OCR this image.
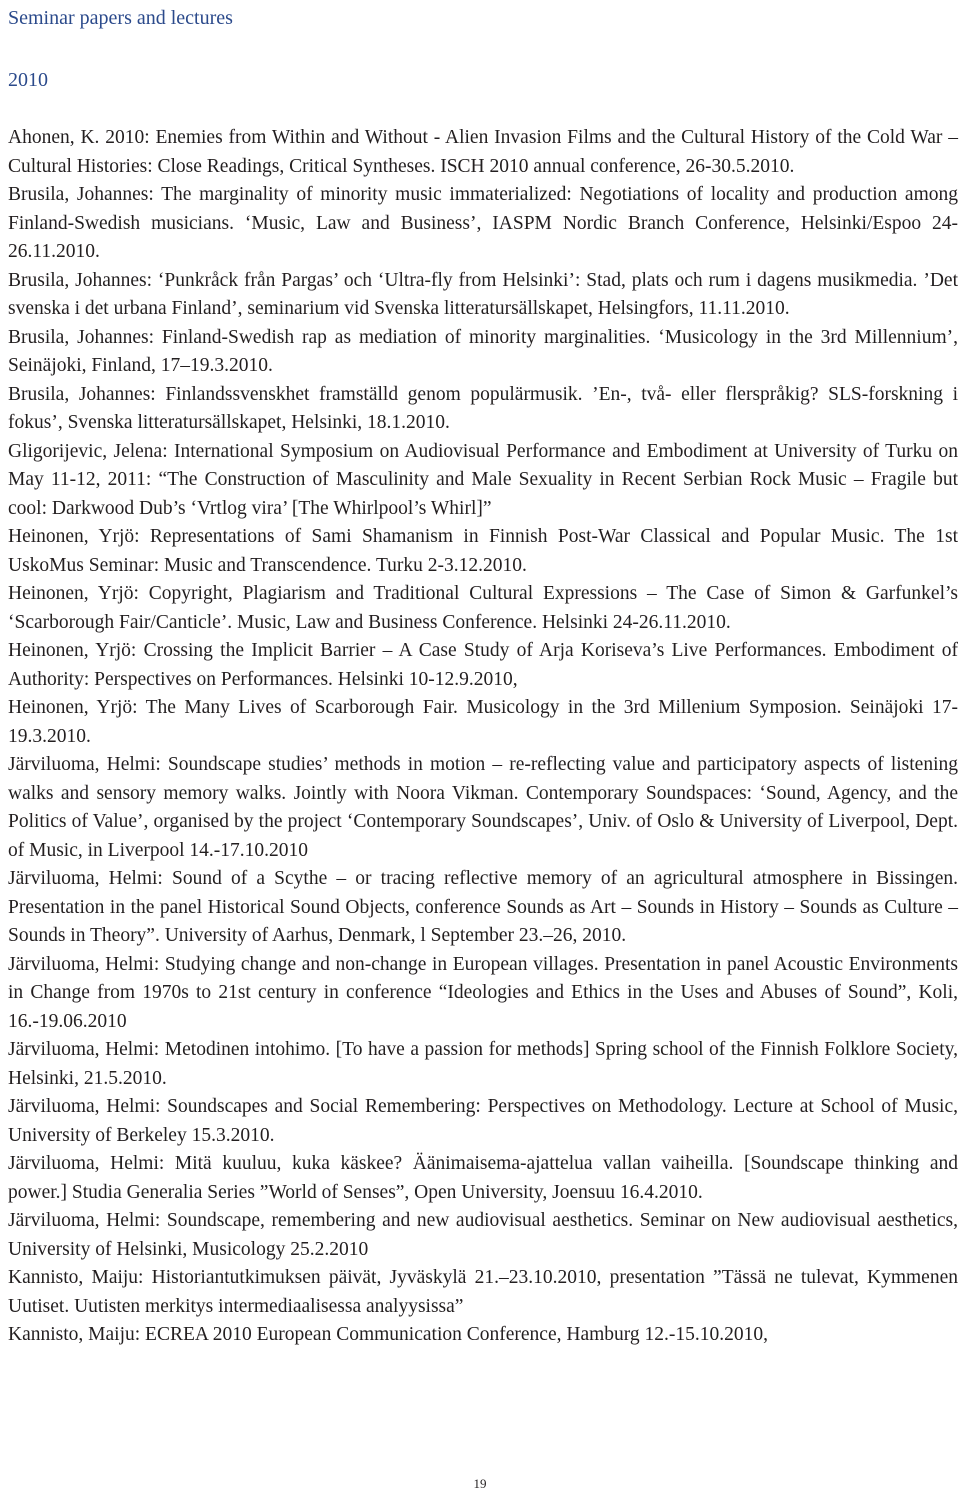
Seminar papers and lectures
2010

Ahonen, K. 2010: Enemies from Within and Without - Alien Invasion Films and the Cultural History of the Cold War – Cultural Histories: Close Readings, Critical Syntheses. ISCH 2010 annual conference, 26-30.5.2010.

Brusila, Johannes: The marginality of minority music immaterialized: Negotiations of locality and production among Finland-Swedish musicians. ‘Music, Law and Business’, IASPM Nordic Branch Conference, Helsinki/Espoo 24-26.11.2010.

Brusila, Johannes: ‘Punkråck från Pargas’ och ‘Ultra-fly from Helsinki’: Stad, plats och rum i dagens musikmedia. ’Det svenska i det urbana Finland’, seminarium vid Svenska litteratursällskapet, Helsingfors, 11.11.2010.

Brusila, Johannes: Finland-Swedish rap as mediation of minority marginalities. ‘Musicology in the 3rd Millennium’, Seinäjoki, Finland, 17–19.3.2010.

Brusila, Johannes: Finlandssvenskhet framställd genom populärmusik. ’En-, två- eller flerspråkig? SLS-forskning i fokus’, Svenska litteratursällskapet, Helsinki, 18.1.2010.

Gligorijevic, Jelena: International Symposium on Audiovisual Performance and Embodiment at University of Turku on May 11-12, 2011: “The Construction of Masculinity and Male Sexuality in Recent Serbian Rock Music – Fragile but cool: Darkwood Dub’s ‘Vrtlog vira’ [The Whirlpool’s Whirl]”

Heinonen, Yrjö: Representations of Sami Shamanism in Finnish Post-War Classical and Popular Music. The 1st UskoMus Seminar: Music and Transcendence. Turku 2-3.12.2010.

Heinonen, Yrjö: Copyright, Plagiarism and Traditional Cultural Expressions – The Case of Simon & Garfunkel’s ‘Scarborough Fair/Canticle’. Music, Law and Business Conference. Helsinki 24-26.11.2010.

Heinonen, Yrjö: Crossing the Implicit Barrier – A Case Study of Arja Koriseva’s Live Performances. Embodiment of Authority: Perspectives on Performances. Helsinki 10-12.9.2010,

Heinonen, Yrjö: The Many Lives of Scarborough Fair. Musicology in the 3rd Millenium Symposion. Seinäjoki 17-19.3.2010.

Järviluoma, Helmi: Soundscape studies’ methods in motion – re-reflecting value and participatory aspects of listening walks and sensory memory walks. Jointly with Noora Vikman. Contemporary Soundspaces: ‘Sound, Agency, and the Politics of Value’, organised by the project ‘Contemporary Soundscapes’, Univ. of Oslo & University of Liverpool, Dept. of Music, in Liverpool 14.-17.10.2010

Järviluoma, Helmi: Sound of a Scythe – or tracing reflective memory of an agricultural atmosphere in Bissingen. Presentation in the panel Historical Sound Objects, conference Sounds as Art – Sounds in History – Sounds as Culture – Sounds in Theory”. University of Aarhus, Denmark, l September 23.–26, 2010.

Järviluoma, Helmi: Studying change and non-change in European villages. Presentation in panel Acoustic Environments in Change from 1970s to 21st century in conference “Ideologies and Ethics in the Uses and Abuses of Sound”, Koli, 16.-19.06.2010

Järviluoma, Helmi: Metodinen intohimo. [To have a passion for methods] Spring school of the Finnish Folklore Society, Helsinki, 21.5.2010.

Järviluoma, Helmi: Soundscapes and Social Remembering: Perspectives on Methodology. Lecture at School of Music, University of Berkeley 15.3.2010.

Järviluoma, Helmi: Mitä kuuluu, kuka käskee? Äänimaisema-ajattelua vallan vaiheilla. [Soundscape thinking and power.] Studia Generalia Series ”World of Senses”, Open University, Joensuu 16.4.2010.

Järviluoma, Helmi: Soundscape, remembering and new audiovisual aesthetics. Seminar on New audiovisual aesthetics, University of Helsinki, Musicology 25.2.2010

Kannisto, Maiju: Historiantutkimuksen päivät, Jyväskylä 21.–23.10.2010, presentation ”Tässä ne tulevat, Kymmenen Uutiset. Uutisten merkitys intermediaalisessa analyysissa”

Kannisto, Maiju: ECREA 2010 European Communication Conference, Hamburg 12.-15.10.2010,

19
